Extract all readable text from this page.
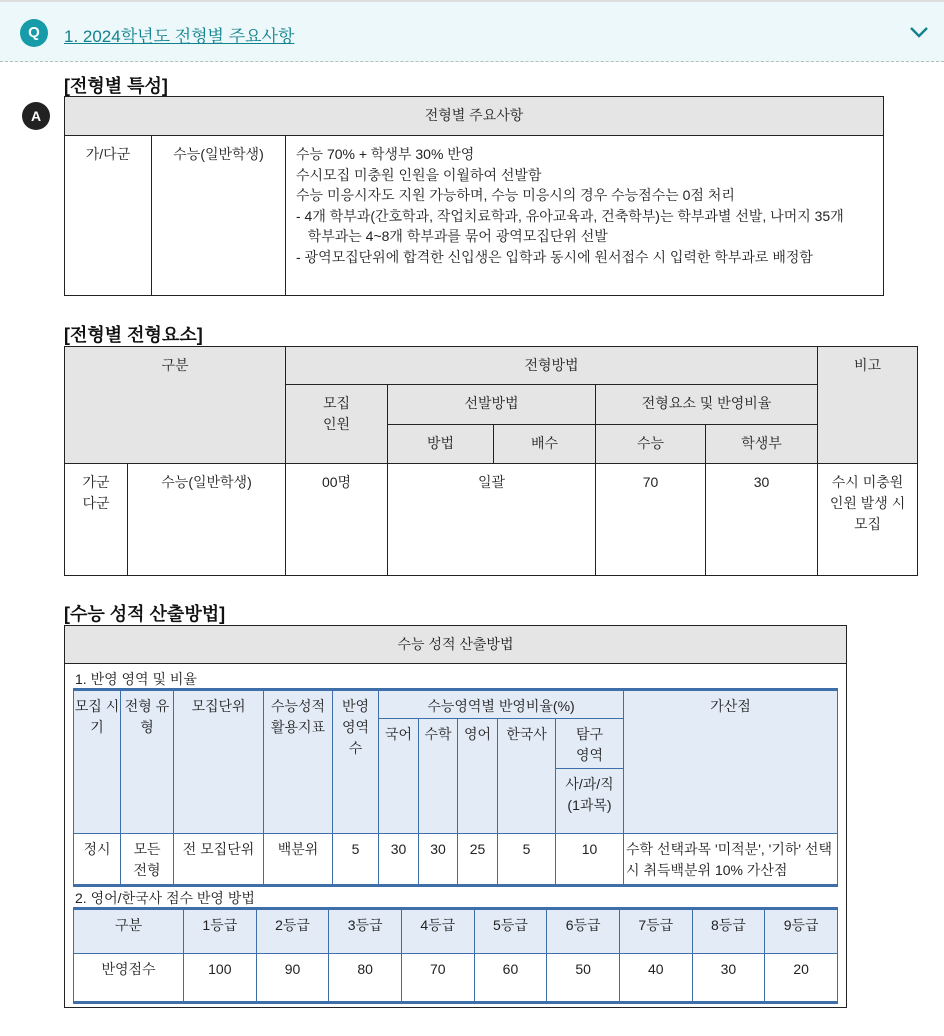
Q	1. 2024학년도 전형별 주요사항
A
[전형별 특성]
전형별 주요사항
가/다군	수능(일반학생)	수능 70% + 학생부 30% 반영
수시모집 미충원 인원을 이월하여 선발함
수능 미응시자도 지원 가능하며, 수능 미응시의 경우 수능점수는 0점 처리
- 4개 학부과(간호학과, 작업치료학과, 유아교육과, 건축학부)는 학부과별 선발, 나머지 35개
학부과는 4~8개 학부과를 묶어 광역모집단위 선발
- 광역모집단위에 합격한 신입생은 입학과 동시에 원서접수 시 입력한 학부과로 배정함
[전형별 전형요소]
구분		전형방법					비고
		모집 인원	선발방법		전형요소 및 반영비율		
			방법	배수	수능	학생부	
가군 다군	수능(일반학생)	00명	일괄		70	30	수시 미충원 인원 발생 시 모집
[수능 성적 산출방법]
수능 성적 산출방법
1. 반영 영역 및 비율
모집 시기	전형 유형	모집단위	수능성적 활용지표	반영 영역 수	수능영역별 반영비율(%)					가산점
					국어	수학	영어	한국사	탐구 영역	
									사/과/직 (1과목)	
정시	모든 전형	전 모집단위	백분위	5	30	30	25	5	10	수학 선택과목 '미적분', '기하' 선택 시 취득백분위 10% 가산점
2. 영어/한국사 점수 반영 방법
구분	1등급	2등급	3등급	4등급	5등급	6등급	7등급	8등급	9등급
반영점수	100	90	80	70	60	50	40	30	20
